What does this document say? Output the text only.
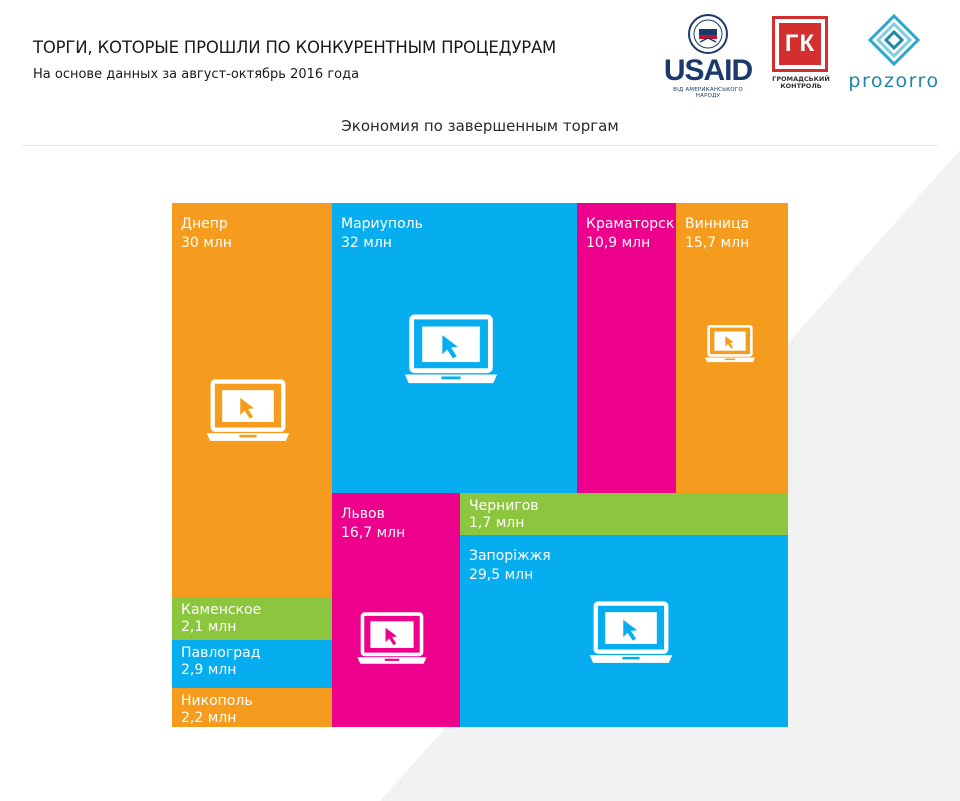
ТОРГИ, КОТОРЫЕ ПРОШЛИ ПО КОНКУРЕНТНЫМ ПРОЦЕДУРАМ

На основе данных за август-октябрь 2016 года	USAID
ВІД АМЕРИКАНСЬКОГО НАРОДУ
ГК
ГРОМАДСЬКИЙ
КОНТРОЛЬ	prozorro
Экономия по завершенным торгам
Днепр
30 млн
Мариуполь
32 млн
Краматорск
10,9 млн
Винница
15,7 млн
Львов
16,7 млн
Чернигов
1,7 млн
Запоріжжя
29,5 млн
Каменское
2,1 млн
Павлоград
2,9 млн
Никополь
2,2 млн
